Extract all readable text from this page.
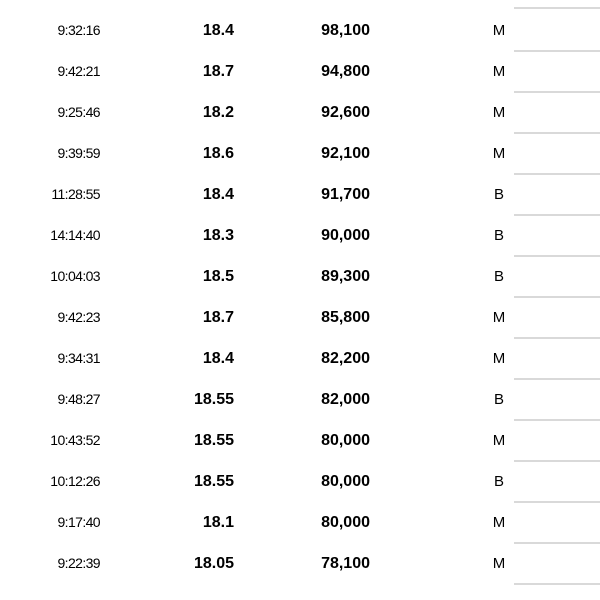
9:32:16	18.4	98,100	M
9:42:21	18.7	94,800	M
9:25:46	18.2	92,600	M
9:39:59	18.6	92,100	M
11:28:55	18.4	91,700	B
14:14:40	18.3	90,000	B
10:04:03	18.5	89,300	B
9:42:23	18.7	85,800	M
9:34:31	18.4	82,200	M
9:48:27	18.55	82,000	B
10:43:52	18.55	80,000	M
10:12:26	18.55	80,000	B
9:17:40	18.1	80,000	M
9:22:39	18.05	78,100	M
